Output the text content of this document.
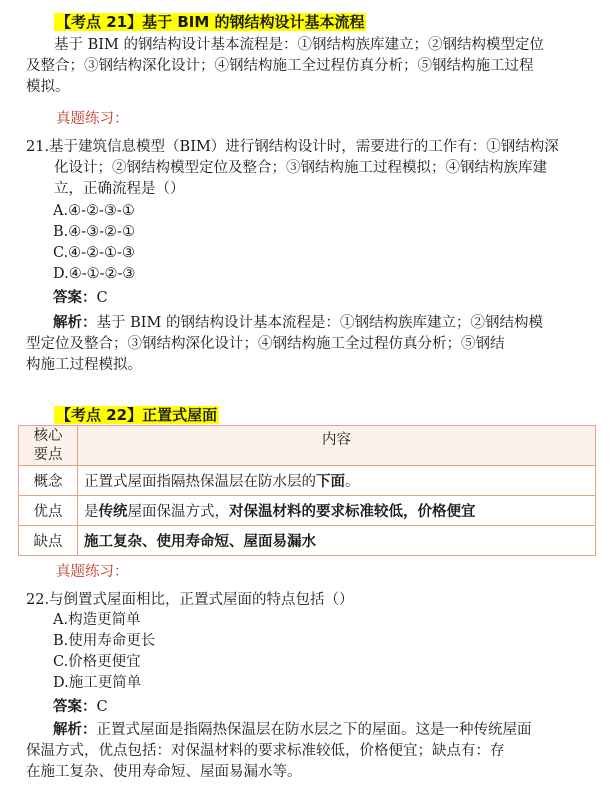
【考点 21】基于 BIM 的钢结构设计基本流程
基于 BIM 的钢结构设计基本流程是：①钢结构族库建立；②钢结构模型定位
及整合；③钢结构深化设计；④钢结构施工全过程仿真分析；⑤钢结构施工过程
模拟。
真题练习：
21.基于建筑信息模型（BIM）进行钢结构设计时，需要进行的工作有：①钢结构深
化设计；②钢结构模型定位及整合；③钢结构施工过程模拟；④钢结构族库建
立，正确流程是（）
A.④-②-③-①
B.④-③-②-①
C.④-②-①-③
D.④-①-②-③
答案：C
解析：基于 BIM 的钢结构设计基本流程是：①钢结构族库建立；②钢结构模
型定位及整合；③钢结构深化设计；④钢结构施工全过程仿真分析；⑤钢结
构施工过程模拟。
【考点 22】正置式屋面
核心
要点	内容
概念	正置式屋面指隔热保温层在防水层的下面。
优点	是传统屋面保温方式，对保温材料的要求标准较低，价格便宜
缺点	施工复杂、使用寿命短、屋面易漏水
真题练习：
22.与倒置式屋面相比，正置式屋面的特点包括（）
A.构造更简单
B.使用寿命更长
C.价格更便宜
D.施工更简单
答案：C
解析：正置式屋面是指隔热保温层在防水层之下的屋面。这是一种传统屋面
保温方式，优点包括：对保温材料的要求标准较低，价格便宜；缺点有：存
在施工复杂、使用寿命短、屋面易漏水等。
